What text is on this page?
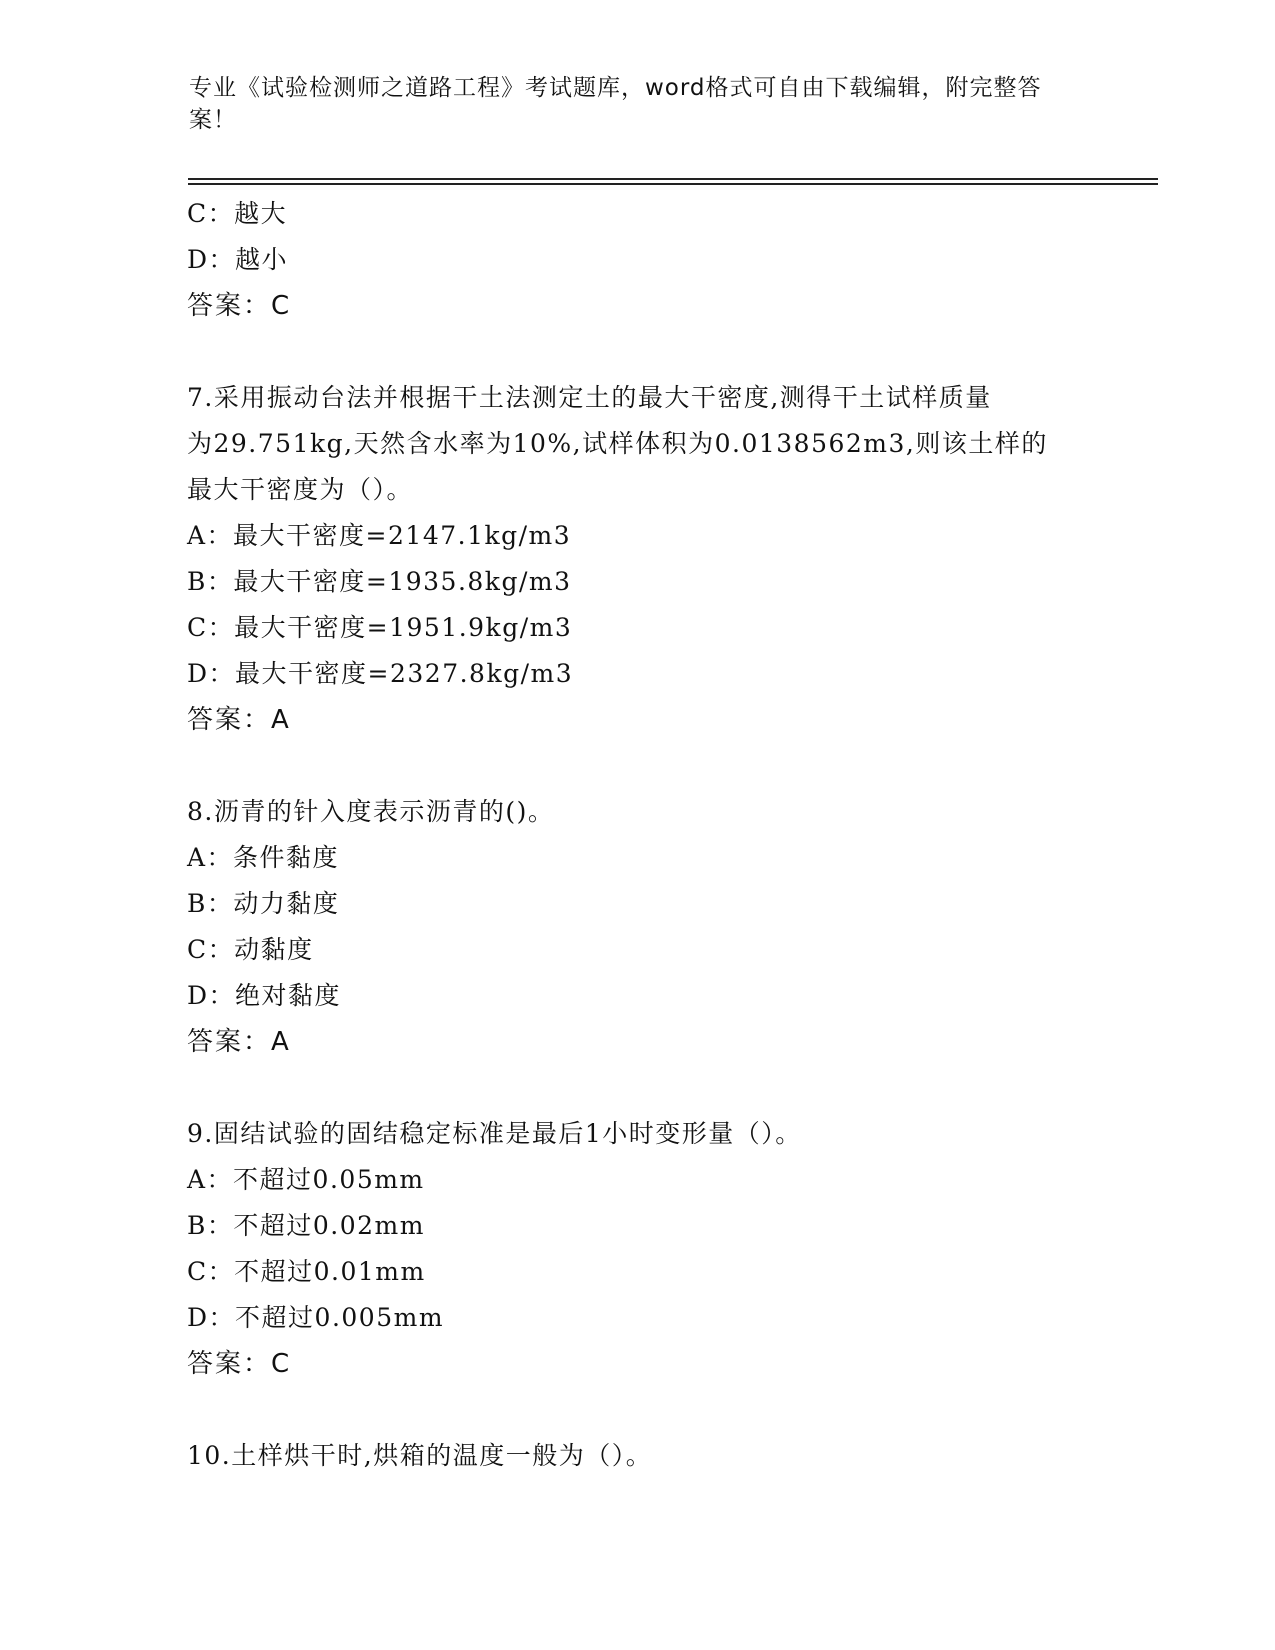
专业《试验检测师之道路工程》考试题库，word格式可自由下载编辑，附完整答案！

C：越大
D：越小
答案：C
7.采用振动台法并根据干土法测定土的最大干密度,测得干土试样质量
为29.751kg,天然含水率为10%,试样体积为0.0138562m3,则该土样的
最大干密度为（）。
A：最大干密度=2147.1kg/m3
B：最大干密度=1935.8kg/m3
C：最大干密度=1951.9kg/m3
D：最大干密度=2327.8kg/m3
答案：A
8.沥青的针入度表示沥青的()。
A：条件黏度
B：动力黏度
C：动黏度
D：绝对黏度
答案：A
9.固结试验的固结稳定标准是最后1小时变形量（）。
A：不超过0.05mm
B：不超过0.02mm
C：不超过0.01mm
D：不超过0.005mm
答案：C
10.土样烘干时,烘箱的温度一般为（）。
